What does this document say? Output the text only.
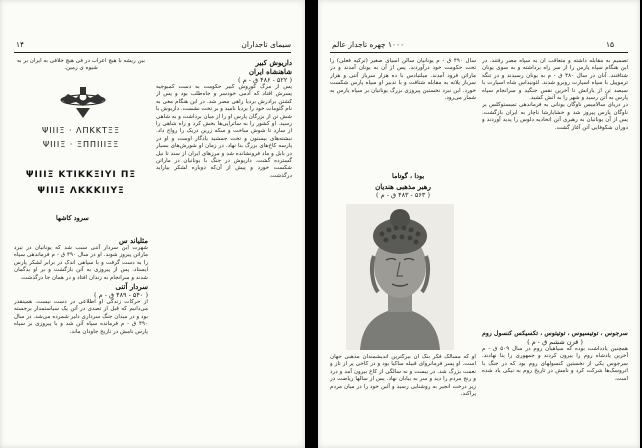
۱۴	سیمای تاجداران

داریوش کبیر

شاهنشاه ایران

( ۵۲۲ - ۴۸۶ ق - م )

پس از مرگ کوروش کبیر حکومت به دست کمبوجیه پسرش افتاد که آدمی خودسر و جاه‌طلب بود و پس از کشتن برادرش بردیا راهی مصر شد. در این هنگام مغی به نام گئومات خود را بردیا نامید و بر تخت نشست. داریوش با شش تن از بزرگان پارس او را از میان برداشت و به شاهی رسید. او کشور را به ساتراپی‌ها بخش کرد و راه شاهی را از سارد تا شوش ساخت و سکه زرین دریک را رواج داد. نبشته‌های بیستون و تخت جمشید یادگار اوست و او در پارسه کاخ‌های بزرگ بنا نهاد. در زمان او شورش‌های بسیار در بابل و ماد فرونشانده شد و مرزهای ایران از سند تا نیل گسترده گشت. داریوش در جنگ با یونانیان در ماراتن شکست خورد و پیش از آن‌که دوباره لشکر بیاراید درگذشت.

بین ریشه با هیچ اعراب در فی هیچ خلافی به ایران بر به شیوه ی زمین.

ΨΙΙΙΞ · ΛΠΚΚΤΞΞ
ΨΙΙΙΞ · ΞΠΠΙΙΙΞΞ
ΨΙΙΙΞ ΚΤΙΚΚΞΙΥΙ ΠΞ
ΨΙΙΙΞ ΛΚΚΚΙΙΥΞ
سرود کاشها

مثلیاند س

شهرت این سردار آتنی سبب شد که یونانیان در نبرد ماراتن پیروز شوند. او در سال ۴۹۰ ق - م فرماندهی سپاه را به دست گرفت و با سپاهی اندک در برابر لشکر پارس ایستاد. پس از پیروزی به آتن بازگشت و بر او بدگمان شدند و سرانجام به زندان افتاد و در همان جا درگذشت.

سردار آتنی

( ۵۴۰ - ۴۸۹ ق - م )

از حرکات زندگی او اطلاعی در دست نیست. همینقدر می‌دانیم که قبل از تصدی در آتن یک سیاستمدار برجسته بود و در میدان جنگ سرداری دلیر شمرده می‌شد. در سال ۴۹۰ ق - م فرمانده سپاه آتن شد و با پیروزی بر سپاه پارس نامش در تاریخ جاودان ماند.

۱۰۰۰ چهره تاجدار عالم	۱۵

سال ۴۹۰ ق - م یونانیان سالن آسیای صغیر (ترکیه فعلی) را تحت حکومت خود درآوردند. پس از آن به یونان آمدند و در ماراتن فرود آمدند. میلتیادس با ده هزار سرباز آتنی و هزار سرباز پلاته به مقابله شتافت و با تدبیر او سپاه پارس شکست خورد. این نبرد نخستین پیروزی بزرگ یونانیان بر سپاه پارس به شمار می‌رود.

بودا ، گوتاما

رهبر مذهبی هندیان

( ۵۶۳ - ۴۸۳ ق - م )

او که مسالک فکر بنگ آن بیرگترین اندیشمندان مذهبی جهان است. او پسر فرمانروای قبیله ساکیا بود و در کاخی پر از ناز و نعمت بزرگ شد. در بیست و نه سالگی از کاخ بیرون آمد و درد و رنج مردم را دید و سر به بیابان نهاد. پس از سالها ریاضت در زیر درخت انجیر به روشنایی رسید و آئین خود را در میان مردم پراکند.

تصمیم به مقابله داشته و متعاقب آن به سپاه مصر رفتند. در این هنگام سپاه پارس را از سر راه برداشته و به سوی یونان شتافتند. آنان در سال ۴۸۰ ق - م به یونان رسیدند و در تنگه ترموپیل با سپاه اسپارت روبرو شدند. لئونیداس شاه اسپارت با سیصد تن از یارانش تا آخرین نفس جنگید و سرانجام سپاه پارس به آتن رسید و شهر را به آتش کشید.

در دریای سالامیس ناوگان یونانی به فرماندهی تمیستوکلس بر ناوگان پارس پیروز شد و خشایارشا ناچار به ایران بازگشت. پس از آن یونانیان به رهبری آتن اتحادیه دلوس را پدید آوردند و دوران شکوفایی آتن آغاز گشت.

سرجوس ، توتیسیوس ، توتیتوس ، تکسیکس کنسول روم

( قرن ششم ق - م )

همچنین یادداشت بوده که سپاهیان روم در سال ۵۰۹ ق - م آخرین پادشاه روم را بیرون کردند و جمهوری را بنا نهادند. سرجوس یکی از نخستین کنسولهای روم بود که در جنگ با اتروسک‌ها شرکت کرد و نامش در تاریخ روم به نیکی یاد شده است.
